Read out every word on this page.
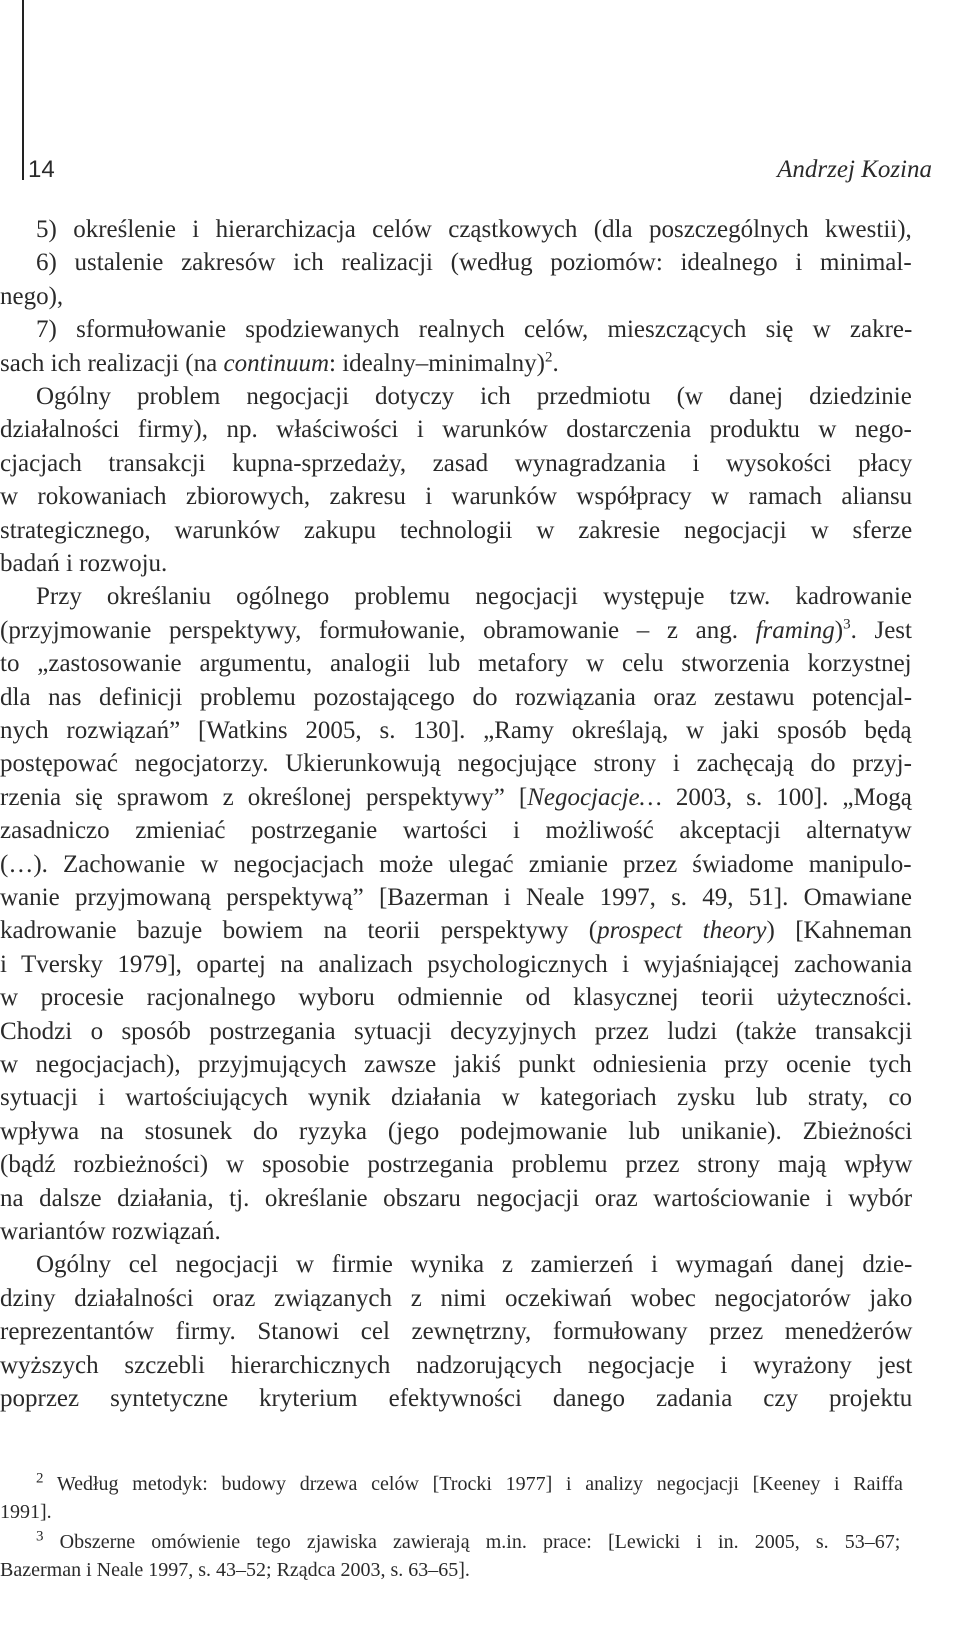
14	Andrzej Kozina
5) określenie i hierarchizacja celów cząstkowych (dla poszczególnych kwestii),
6) ustalenie zakresów ich realizacji (według poziomów: idealnego i minimal-
nego),
7) sformułowanie spodziewanych realnych celów, mieszczących się w zakre-
sach ich realizacji (na continuum: idealny–minimalny)$^2$.
Ogólny problem negocjacji dotyczy ich przedmiotu (w danej dziedzinie
działalności firmy), np. właściwości i warunków dostarczenia produktu w nego-
cjacjach transakcji kupna-sprzedaży, zasad wynagradzania i wysokości płacy
w rokowaniach zbiorowych, zakresu i warunków współpracy w ramach aliansu
strategicznego, warunków zakupu technologii w zakresie negocjacji w sferze
badań i rozwoju.
Przy określaniu ogólnego problemu negocjacji występuje tzw. kadrowanie
(przyjmowanie perspektywy, formułowanie, obramowanie – z ang. framing)$^3$. Jest
to „zastosowanie argumentu, analogii lub metafory w celu stworzenia korzystnej
dla nas definicji problemu pozostającego do rozwiązania oraz zestawu potencjal-
nych rozwiązań” [Watkins 2005, s. 130]. „Ramy określają, w jaki sposób będą
postępować negocjatorzy. Ukierunkowują negocjujące strony i zachęcają do przyj-
rzenia się sprawom z określonej perspektywy” [Negocjacje… 2003, s. 100]. „Mogą
zasadniczo zmieniać postrzeganie wartości i możliwość akceptacji alternatyw
(…). Zachowanie w negocjacjach może ulegać zmianie przez świadome manipulo-
wanie przyjmowaną perspektywą” [Bazerman i Neale 1997, s. 49, 51]. Omawiane
kadrowanie bazuje bowiem na teorii perspektywy (prospect theory) [Kahneman
i Tversky 1979], opartej na analizach psychologicznych i wyjaśniającej zachowania
w procesie racjonalnego wyboru odmiennie od klasycznej teorii użyteczności.
Chodzi o sposób postrzegania sytuacji decyzyjnych przez ludzi (także transakcji
w negocjacjach), przyjmujących zawsze jakiś punkt odniesienia przy ocenie tych
sytuacji i wartościujących wynik działania w kategoriach zysku lub straty, co
wpływa na stosunek do ryzyka (jego podejmowanie lub unikanie). Zbieżności
(bądź rozbieżności) w sposobie postrzegania problemu przez strony mają wpływ
na dalsze działania, tj. określanie obszaru negocjacji oraz wartościowanie i wybór
wariantów rozwiązań.
Ogólny cel negocjacji w firmie wynika z zamierzeń i wymagań danej dzie-
dziny działalności oraz związanych z nimi oczekiwań wobec negocjatorów jako
reprezentantów firmy. Stanowi cel zewnętrzny, formułowany przez menedżerów
wyższych szczebli hierarchicznych nadzorujących negocjacje i wyrażony jest
poprzez syntetyczne kryterium efektywności danego zadania czy projektu
$^2$ Według metodyk: budowy drzewa celów [Trocki 1977] i analizy negocjacji [Keeney i Raiffa
1991].
$^3$ Obszerne omówienie tego zjawiska zawierają m.in. prace: [Lewicki i in. 2005, s. 53–67;
Bazerman i Neale 1997, s. 43–52; Rządca 2003, s. 63–65].
